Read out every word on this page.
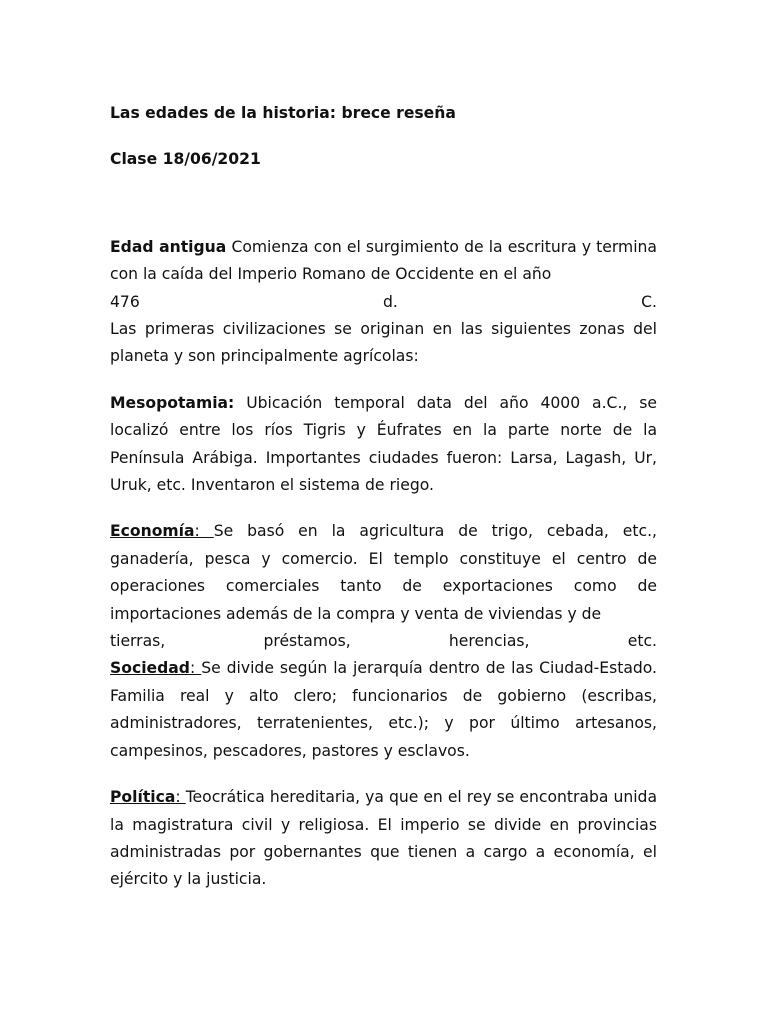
Las edades de la historia: brece reseña

Clase 18/06/2021

Edad antigua Comienza con el surgimiento de la escritura y termina con la caída del Imperio Romano de Occidente en el año

476 d. C.

Las primeras civilizaciones se originan en las siguientes zonas del planeta y son principalmente agrícolas:

Mesopotamia: Ubicación temporal data del año 4000 a.C., se localizó entre los ríos Tigris y Éufrates en la parte norte de la Península Arábiga. Importantes ciudades fueron: Larsa, Lagash, Ur, Uruk, etc. Inventaron el sistema de riego.

Economía: Se basó en la agricultura de trigo, cebada, etc., ganadería, pesca y comercio. El templo constituye el centro de operaciones comerciales tanto de exportaciones como de importaciones además de la compra y venta de viviendas y de

tierras, préstamos, herencias, etc.

Sociedad: Se divide según la jerarquía dentro de las Ciudad-Estado. Familia real y alto clero; funcionarios de gobierno (escribas, administradores, terratenientes, etc.); y por último artesanos, campesinos, pescadores, pastores y esclavos.

Política: Teocrática hereditaria, ya que en el rey se encontraba unida la magistratura civil y religiosa. El imperio se divide en provincias administradas por gobernantes que tienen a cargo a economía, el ejército y la justicia.
